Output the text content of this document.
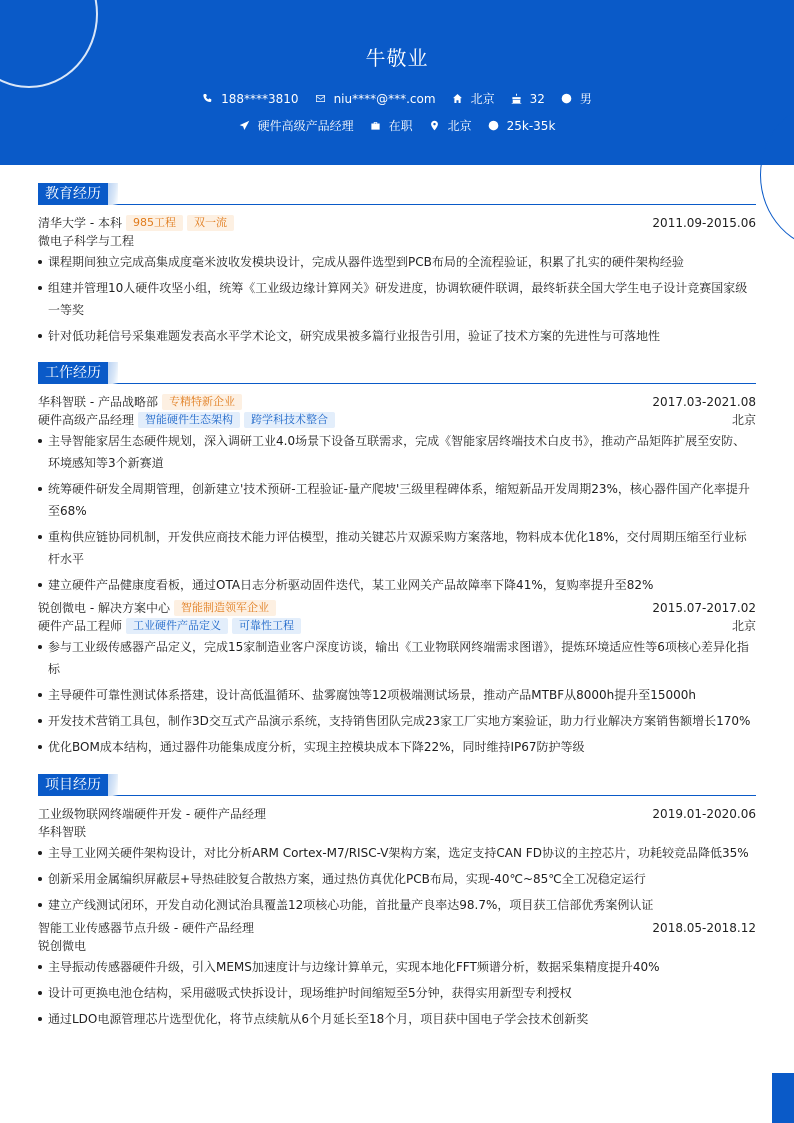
牛敬业
188****3810	niu****@***.com	北京	32	男
硬件高级产品经理	在职	北京	25k-35k
教育经历
清华大学 - 本科	985工程	双一流	2011.09-2015.06
微电子科学与工程
课程期间独立完成高集成度毫米波收发模块设计，完成从器件选型到PCB布局的全流程验证，积累了扎实的硬件架构经验
组建并管理10人硬件攻坚小组，统筹《工业级边缘计算网关》研发进度，协调软硬件联调，最终斩获全国大学生电子设计竞赛国家级一等奖
针对低功耗信号采集难题发表高水平学术论文，研究成果被多篇行业报告引用，验证了技术方案的先进性与可落地性
工作经历
华科智联 - 产品战略部	专精特新企业	2017.03-2021.08
硬件高级产品经理	智能硬件生态架构	跨学科技术整合	北京
主导智能家居生态硬件规划，深入调研工业4.0场景下设备互联需求，完成《智能家居终端技术白皮书》，推动产品矩阵扩展至安防、环境感知等3个新赛道
统筹硬件研发全周期管理，创新建立'技术预研-工程验证-量产爬坡'三级里程碑体系，缩短新品开发周期23%，核心器件国产化率提升至68%
重构供应链协同机制，开发供应商技术能力评估模型，推动关键芯片双源采购方案落地，物料成本优化18%，交付周期压缩至行业标杆水平
建立硬件产品健康度看板，通过OTA日志分析驱动固件迭代，某工业网关产品故障率下降41%，复购率提升至82%
锐创微电 - 解决方案中心	智能制造领军企业	2015.07-2017.02
硬件产品工程师	工业硬件产品定义	可靠性工程	北京
参与工业级传感器产品定义，完成15家制造业客户深度访谈，输出《工业物联网终端需求图谱》，提炼环境适应性等6项核心差异化指标
主导硬件可靠性测试体系搭建，设计高低温循环、盐雾腐蚀等12项极端测试场景，推动产品MTBF从8000h提升至15000h
开发技术营销工具包，制作3D交互式产品演示系统，支持销售团队完成23家工厂实地方案验证，助力行业解决方案销售额增长170%
优化BOM成本结构，通过器件功能集成度分析，实现主控模块成本下降22%，同时维持IP67防护等级
项目经历
工业级物联网终端硬件开发 - 硬件产品经理	2019.01-2020.06
华科智联
主导工业网关硬件架构设计，对比分析ARM Cortex-M7/RISC-V架构方案，选定支持CAN FD协议的主控芯片，功耗较竞品降低35%
创新采用金属编织屏蔽层+导热硅胶复合散热方案，通过热仿真优化PCB布局，实现-40℃~85℃全工况稳定运行
建立产线测试闭环，开发自动化测试治具覆盖12项核心功能，首批量产良率达98.7%，项目获工信部优秀案例认证
智能工业传感器节点升级 - 硬件产品经理	2018.05-2018.12
锐创微电
主导振动传感器硬件升级，引入MEMS加速度计与边缘计算单元，实现本地化FFT频谱分析，数据采集精度提升40%
设计可更换电池仓结构，采用磁吸式快拆设计，现场维护时间缩短至5分钟，获得实用新型专利授权
通过LDO电源管理芯片选型优化，将节点续航从6个月延长至18个月，项目获中国电子学会技术创新奖
